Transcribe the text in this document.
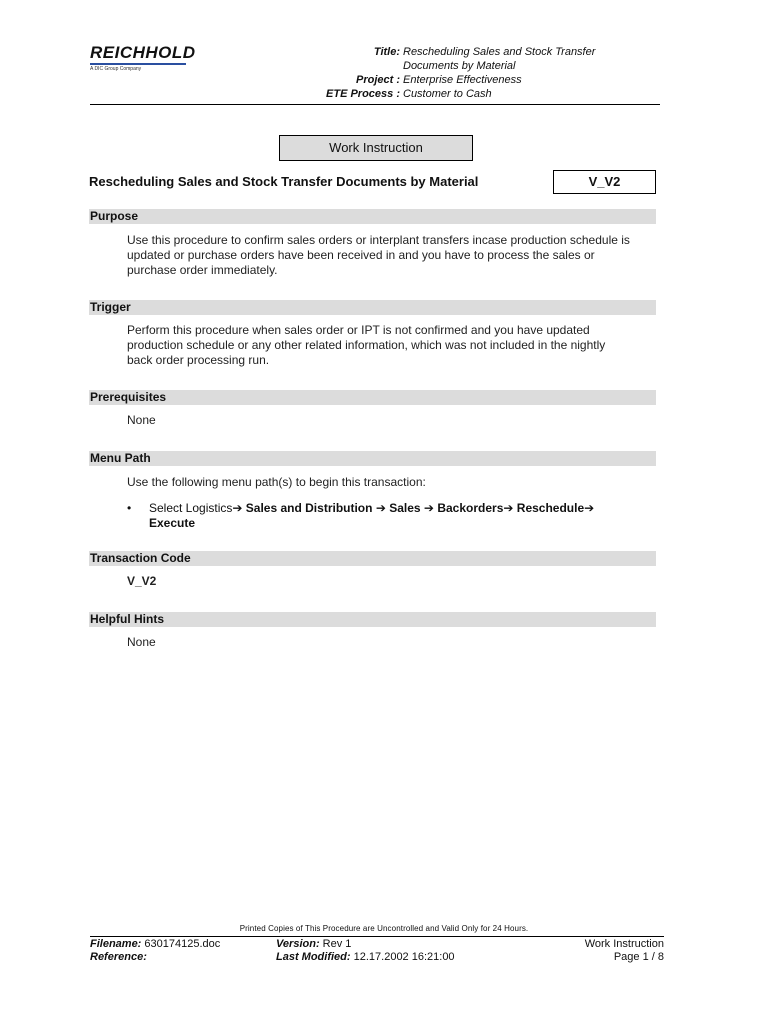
REICHHOLD
A DIC Group Company
Title: Rescheduling Sales and Stock Transfer
Documents by Material
Project : Enterprise Effectiveness
ETE Process : Customer to Cash
Work Instruction
Rescheduling Sales and Stock Transfer Documents by Material	V_V2
Purpose
Use this procedure to confirm sales orders or interplant transfers incase production schedule is
updated or purchase orders have been received in and you have to process the sales or
purchase order immediately.
Trigger
Perform this procedure when sales order or IPT is not confirmed and you have updated
production schedule or any other related information, which was not included in the nightly
back order processing run.
Prerequisites
None
Menu Path
Use the following menu path(s) to begin this transaction:
• Select Logistics➔ Sales and Distribution ➔ Sales ➔ Backorders➔ Reschedule➔
Execute
Transaction Code
V_V2
Helpful Hints
None
Printed Copies of This Procedure are Uncontrolled and Valid Only for 24 Hours.
Filename: 630174125.doc
Reference:
Version: Rev 1
Last Modified: 12.17.2002 16:21:00
Work Instruction
Page 1 / 8
